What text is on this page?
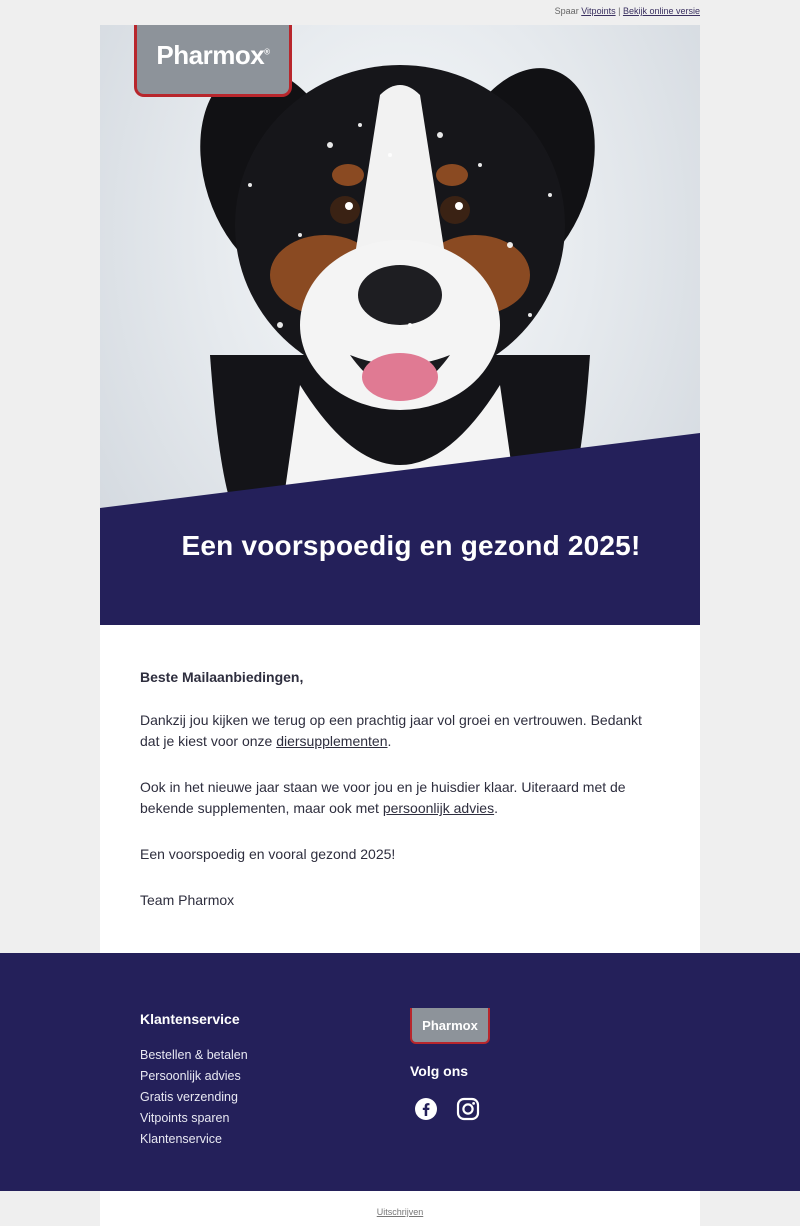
Spaar Vitpoints | Bekijk online versie
Pharmox®
Een voorspoedig en gezond 2025!

Beste Mailaanbiedingen,

Dankzij jou kijken we terug op een prachtig jaar vol groei en vertrouwen. Bedankt dat je kiest voor onze diersupplementen.

Ook in het nieuwe jaar staan we voor jou en je huisdier klaar. Uiteraard met de bekende supplementen, maar ook met persoonlijk advies.

Een voorspoedig en vooral gezond 2025!

Team Pharmox

Klantenservice
Bestellen & betalen
Persoonlijk advies
Gratis verzending
Vitpoints sparen
Klantenservice
Pharmox
Volg ons
Uitschrijven
